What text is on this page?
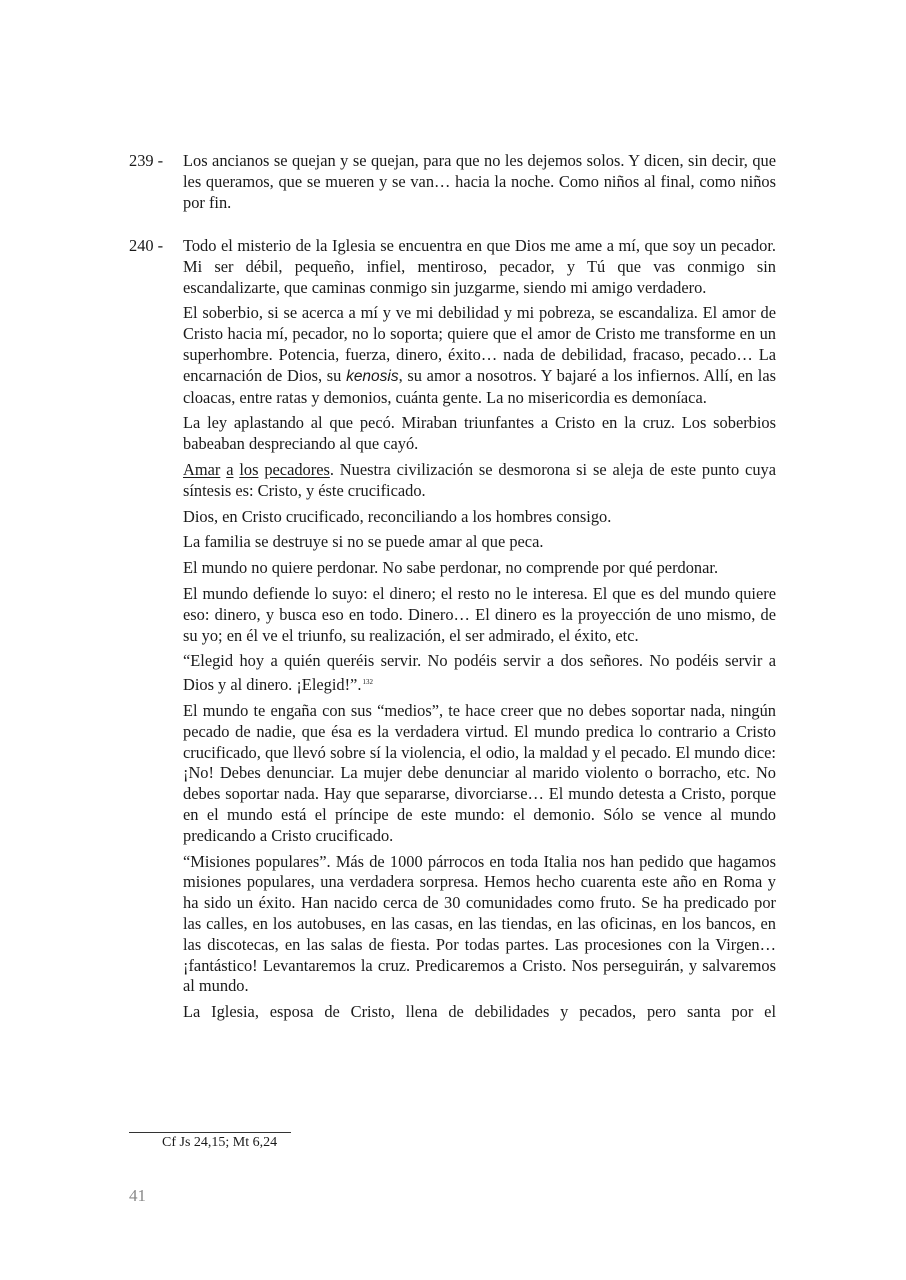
239 -	Los ancianos se quejan y se quejan, para que no les dejemos solos. Y dicen, sin decir, que les queramos, que se mueren y se van… hacia la noche. Como niños al final, como niños por fin.

240 -	Todo el misterio de la Iglesia se encuentra en que Dios me ame a mí, que soy un pecador. Mi ser débil, pequeño, infiel, mentiroso, pecador, y Tú que vas conmigo sin escandalizarte, que caminas conmigo sin juzgarme, siendo mi amigo verdadero.

El soberbio, si se acerca a mí y ve mi debilidad y mi pobreza, se escandaliza. El amor de Cristo hacia mí, pecador, no lo soporta; quiere que el amor de Cristo me transforme en un superhombre. Potencia, fuerza, dinero, éxito… nada de debilidad, fracaso, pecado… La encarnación de Dios, su kenosis, su amor a nosotros. Y bajaré a los infiernos. Allí, en las cloacas, entre ratas y demonios, cuánta gente. La no misericordia es demoníaca.

La ley aplastando al que pecó. Miraban triunfantes a Cristo en la cruz. Los soberbios babeaban despreciando al que cayó.

Amar a los pecadores. Nuestra civilización se desmorona si se aleja de este punto cuya síntesis es: Cristo, y éste crucificado.

Dios, en Cristo crucificado, reconciliando a los hombres consigo.

La familia se destruye si no se puede amar al que peca.

El mundo no quiere perdonar. No sabe perdonar, no comprende por qué perdonar.

El mundo defiende lo suyo: el dinero; el resto no le interesa. El que es del mundo quiere eso: dinero, y busca eso en todo. Dinero… El dinero es la proyección de uno mismo, de su yo; en él ve el triunfo, su realización, el ser admirado, el éxito, etc.

“Elegid hoy a quién queréis servir. No podéis servir a dos señores. No podéis servir a Dios y al dinero. ¡Elegid!”.$^{132}$

El mundo te engaña con sus “medios”, te hace creer que no debes soportar nada, ningún pecado de nadie, que ésa es la verdadera virtud. El mundo predica lo contrario a Cristo crucificado, que llevó sobre sí la violencia, el odio, la maldad y el pecado. El mundo dice: ¡No! Debes denunciar. La mujer debe denunciar al marido violento o borracho, etc. No debes soportar nada. Hay que separarse, divorciarse… El mundo detesta a Cristo, porque en el mundo está el príncipe de este mundo: el demonio. Sólo se vence al mundo predicando a Cristo crucificado.

“Misiones populares”. Más de 1000 párrocos en toda Italia nos han pedido que hagamos misiones populares, una verdadera sorpresa. Hemos hecho cuarenta este año en Roma y ha sido un éxito. Han nacido cerca de 30 comunidades como fruto. Se ha predicado por las calles, en los autobuses, en las casas, en las tiendas, en las oficinas, en los bancos, en las discotecas, en las salas de fiesta. Por todas partes. Las procesiones con la Virgen… ¡fantástico! Levantaremos la cruz. Predicaremos a Cristo. Nos perseguirán, y salvaremos al mundo.

La Iglesia, esposa de Cristo, llena de debilidades y pecados, pero santa por el

Cf Js 24,15; Mt 6,24
41
